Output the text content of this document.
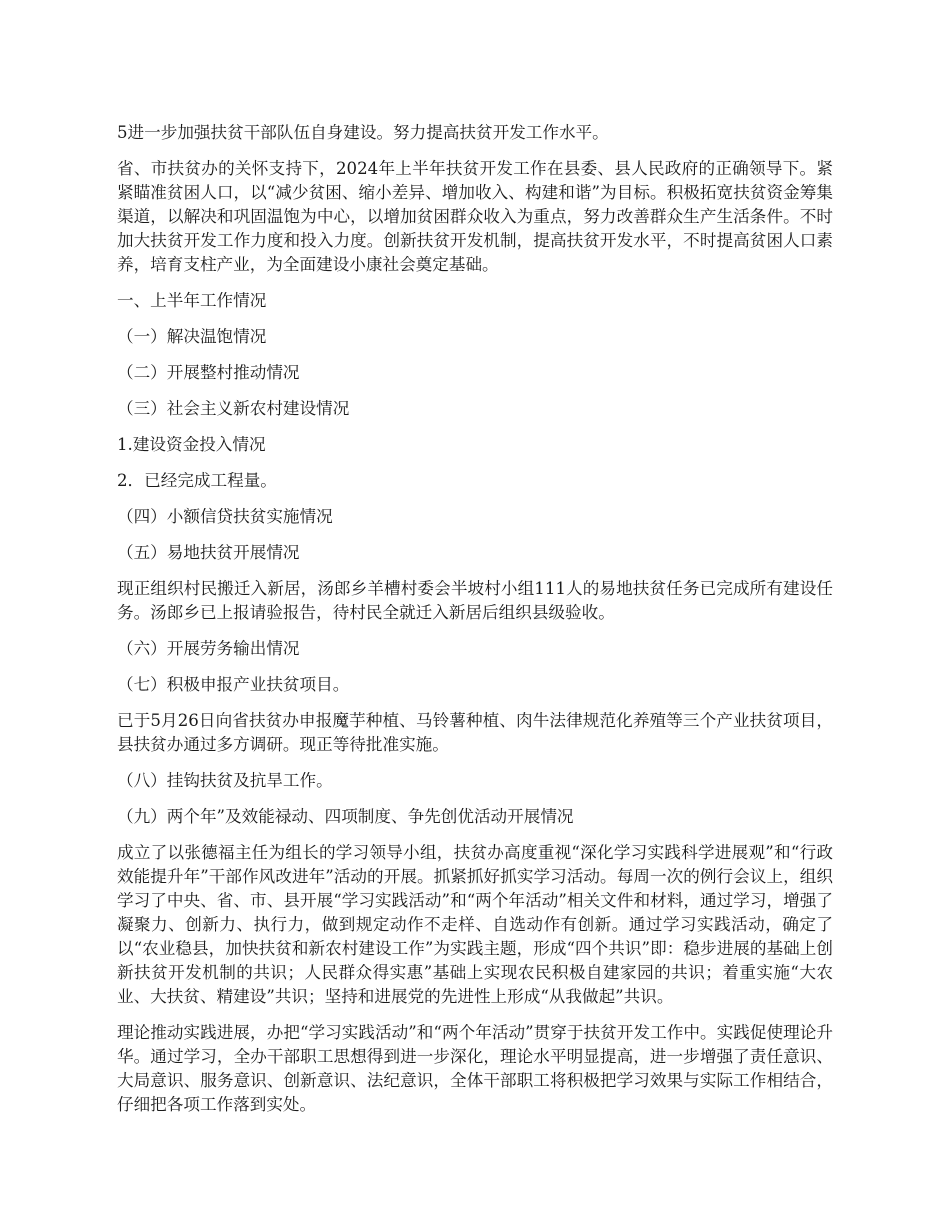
5进一步加强扶贫干部队伍自身建设。努力提高扶贫开发工作水平。

省、市扶贫办的关怀支持下，2024年上半年扶贫开发工作在县委、县人民政府的正确领导下。紧紧瞄准贫困人口，以“减少贫困、缩小差异、增加收入、构建和谐”为目标。积极拓宽扶贫资金筹集渠道，以解决和巩固温饱为中心，以增加贫困群众收入为重点，努力改善群众生产生活条件。不时加大扶贫开发工作力度和投入力度。创新扶贫开发机制，提高扶贫开发水平，不时提高贫困人口素养，培育支柱产业，为全面建设小康社会奠定基础。

一、上半年工作情况

（一）解决温饱情况

（二）开展整村推动情况

（三）社会主义新农村建设情况

1.建设资金投入情况

2．已经完成工程量。

（四）小额信贷扶贫实施情况

（五）易地扶贫开展情况

现正组织村民搬迁入新居，汤郎乡羊槽村委会半坡村小组111人的易地扶贫任务已完成所有建设任务。汤郎乡已上报请验报告，待村民全就迁入新居后组织县级验收。

（六）开展劳务输出情况

（七）积极申报产业扶贫项目。

已于5月26日向省扶贫办申报魔芋种植、马铃薯种植、肉牛法律规范化养殖等三个产业扶贫项目，县扶贫办通过多方调研。现正等待批准实施。

（八）挂钩扶贫及抗旱工作。

（九）两个年”及效能禄动、四项制度、争先创优活动开展情况

成立了以张德福主任为组长的学习领导小组，扶贫办高度重视“深化学习实践科学进展观”和“行政效能提升年”干部作风改进年”活动的开展。抓紧抓好抓实学习活动。每周一次的例行会议上，组织学习了中央、省、市、县开展“学习实践活动”和“两个年活动”相关文件和材料，通过学习，增强了凝聚力、创新力、执行力，做到规定动作不走样、自选动作有创新。通过学习实践活动，确定了以“农业稳县，加快扶贫和新农村建设工作”为实践主题，形成“四个共识”即：稳步进展的基础上创新扶贫开发机制的共识；人民群众得实惠”基础上实现农民积极自建家园的共识；着重实施“大农业、大扶贫、精建设”共识；坚持和进展党的先进性上形成“从我做起”共识。

理论推动实践进展，办把“学习实践活动”和“两个年活动”贯穿于扶贫开发工作中。实践促使理论升华。通过学习，全办干部职工思想得到进一步深化，理论水平明显提高，进一步增强了责任意识、大局意识、服务意识、创新意识、法纪意识，全体干部职工将积极把学习效果与实际工作相结合，仔细把各项工作落到实处。
